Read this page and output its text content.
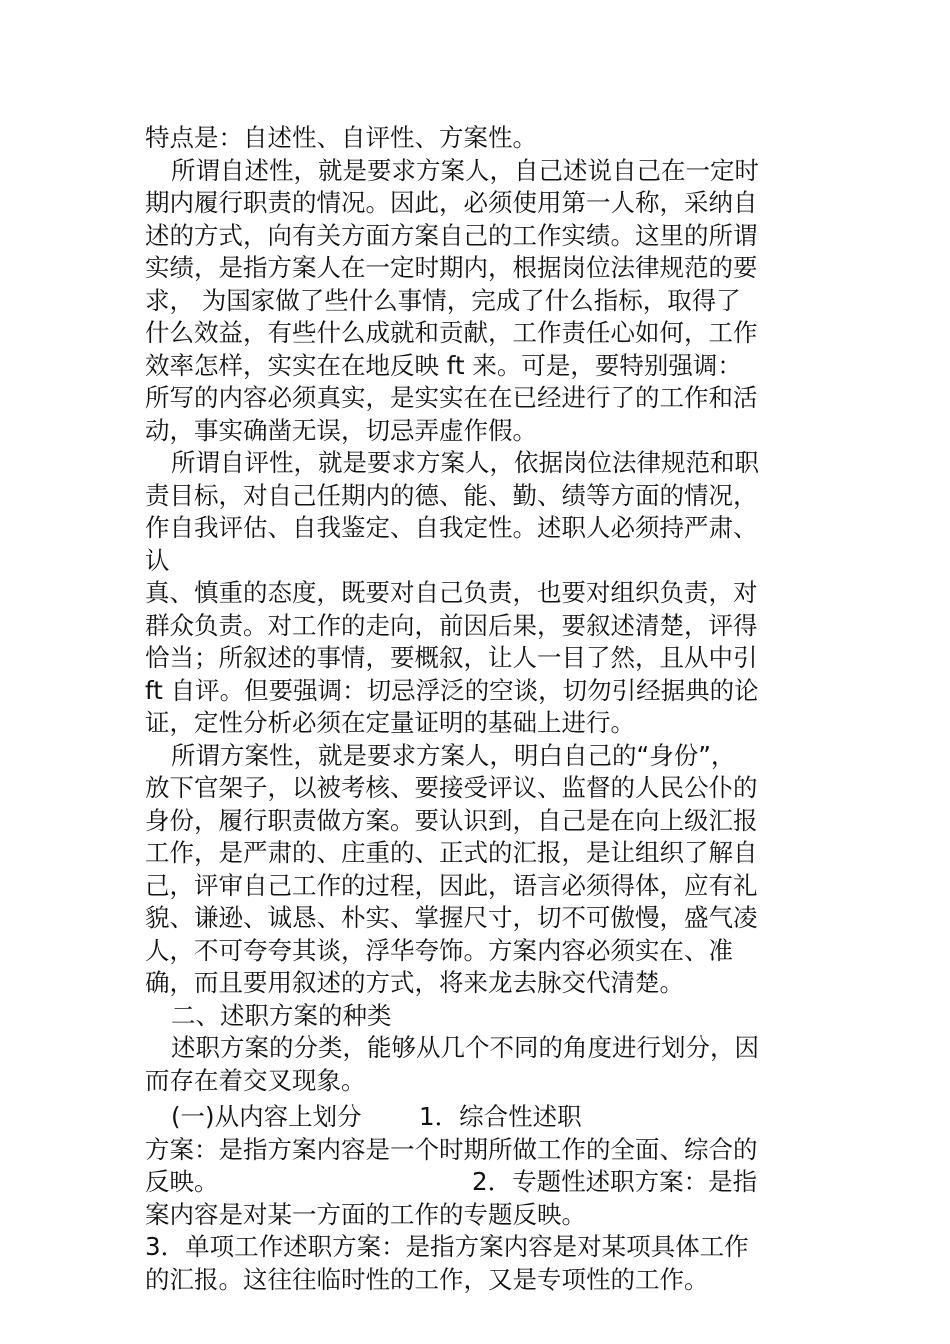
特点是：自述性、自评性、方案性。
所谓自述性，就是要求方案人，自己述说自己在一定时
期内履行职责的情况。因此，必须使用第一人称，采纳自
述的方式，向有关方面方案自己的工作实绩。这里的所谓
实绩，是指方案人在一定时期内，根据岗位法律规范的要
求， 为国家做了些什么事情，完成了什么指标，取得了
什么效益，有些什么成就和贡献，工作责任心如何，工作
效率怎样，实实在在地反映 ft 来。可是，要特别强调：
所写的内容必须真实，是实实在在已经进行了的工作和活
动，事实确凿无误，切忌弄虚作假。
所谓自评性，就是要求方案人，依据岗位法律规范和职
责目标，对自己任期内的德、能、勤、绩等方面的情况，
作自我评估、自我鉴定、自我定性。述职人必须持严肃、
认
真、慎重的态度，既要对自己负责，也要对组织负责，对
群众负责。对工作的走向，前因后果，要叙述清楚，评得
恰当；所叙述的事情，要概叙，让人一目了然，且从中引
ft 自评。但要强调：切忌浮泛的空谈，切勿引经据典的论
证，定性分析必须在定量证明的基础上进行。
所谓方案性，就是要求方案人，明白自己的“身份”，
放下官架子，以被考核、要接受评议、监督的人民公仆的
身份，履行职责做方案。要认识到，自己是在向上级汇报
工作，是严肃的、庄重的、正式的汇报，是让组织了解自
己，评审自己工作的过程，因此，语言必须得体，应有礼
貌、谦逊、诚恳、朴实、掌握尺寸，切不可傲慢，盛气凌
人，不可夸夸其谈，浮华夸饰。方案内容必须实在、准
确，而且要用叙述的方式，将来龙去脉交代清楚。
二、述职方案的种类
述职方案的分类，能够从几个不同的角度进行划分，因
而存在着交叉现象。
(一)从内容上划分 1．综合性述职
方案：是指方案内容是一个时期所做工作的全面、综合的
反映。	2．专题性述职方案：是指
案内容是对某一方面的工作的专题反映。
3．单项工作述职方案：是指方案内容是对某项具体工作
的汇报。这往往临时性的工作，又是专项性的工作。
